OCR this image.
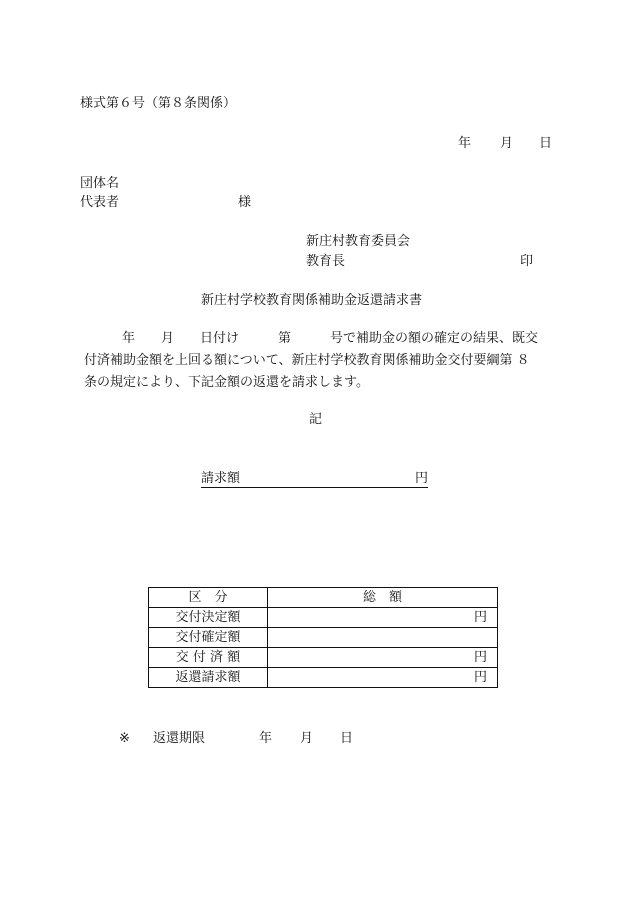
様式第６号（第８条関係）
年 月 日
団体名
代表者	様
新庄村教育委員会
教育長	印
新庄村学校教育関係補助金返還請求書
年　　月　　日付け　　　第　　　号で補助金の額の確定の結果、既交
付済補助金額を上回る額について、新庄村学校教育関係補助金交付要綱第 ８
条の規定により、下記金額の返還を請求します。
記
請求額	円
区　分	総　額
交付決定額	円
交付確定額	
交 付 済 額	円
返還請求額	円
※ 返還期限	年 月 日
